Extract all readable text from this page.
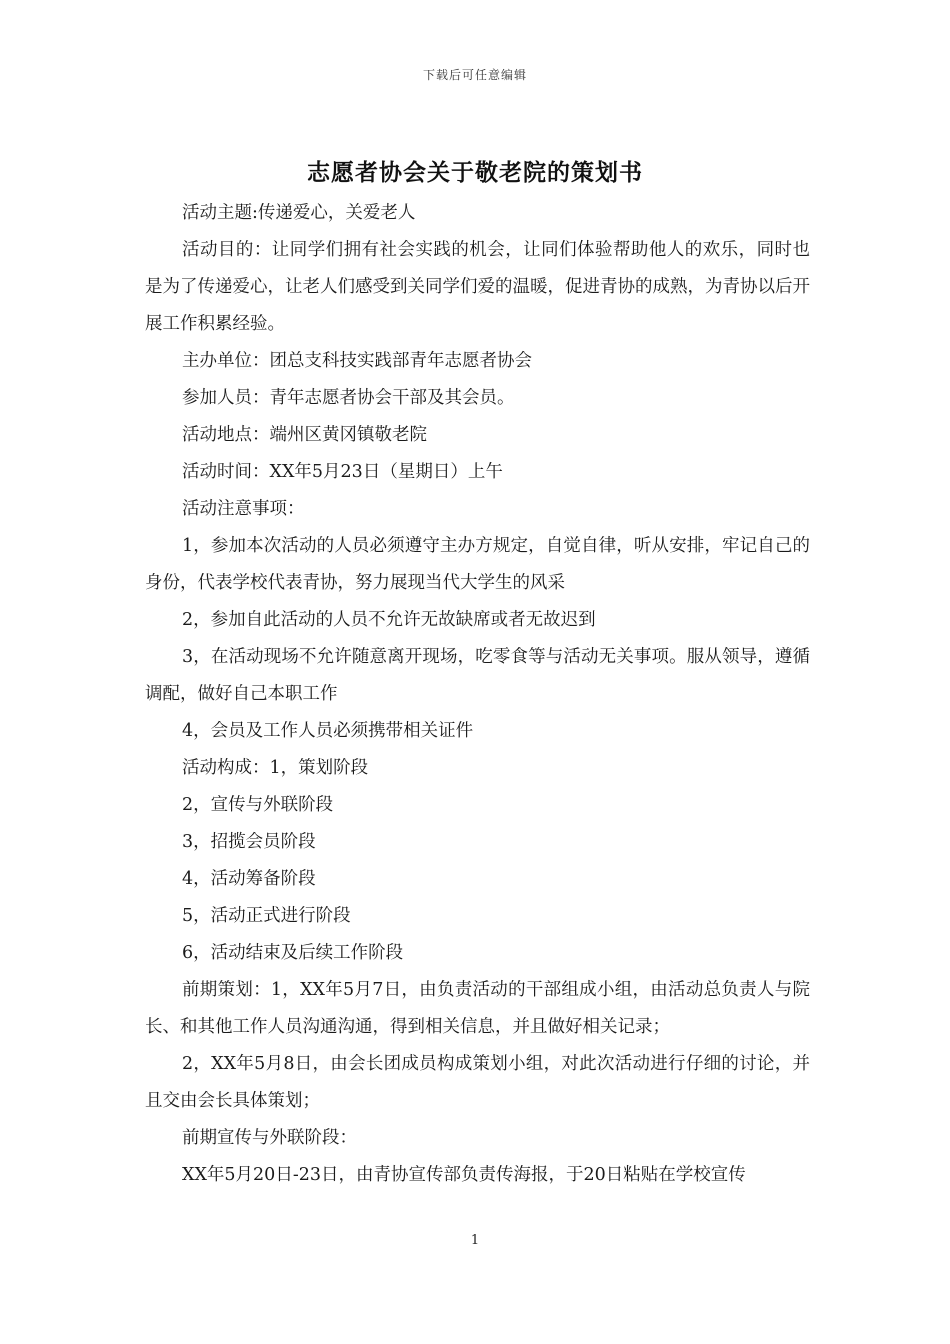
下载后可任意编辑
志愿者协会关于敬老院的策划书

活动主题:传递爱心，关爱老人

活动目的：让同学们拥有社会实践的机会，让同们体验帮助他人的欢乐，同时也是为了传递爱心，让老人们感受到关同学们爱的温暖，促进青协的成熟，为青协以后开展工作积累经验。

主办单位：团总支科技实践部青年志愿者协会

参加人员：青年志愿者协会干部及其会员。

活动地点：端州区黄冈镇敬老院

活动时间：XX年5月23日（星期日）上午

活动注意事项：

1，参加本次活动的人员必须遵守主办方规定，自觉自律，听从安排，牢记自己的身份，代表学校代表青协，努力展现当代大学生的风采

2，参加自此活动的人员不允许无故缺席或者无故迟到

3，在活动现场不允许随意离开现场，吃零食等与活动无关事项。服从领导，遵循调配，做好自己本职工作

4，会员及工作人员必须携带相关证件

活动构成：1，策划阶段

2，宣传与外联阶段

3，招揽会员阶段

4，活动筹备阶段

5，活动正式进行阶段

6，活动结束及后续工作阶段

前期策划：1，XX年5月7日，由负责活动的干部组成小组，由活动总负责人与院长、和其他工作人员沟通沟通，得到相关信息，并且做好相关记录；

2，XX年5月8日，由会长团成员构成策划小组，对此次活动进行仔细的讨论，并且交由会长具体策划；

前期宣传与外联阶段：

XX年5月20日-23日，由青协宣传部负责传海报，于20日粘贴在学校宣传

1
